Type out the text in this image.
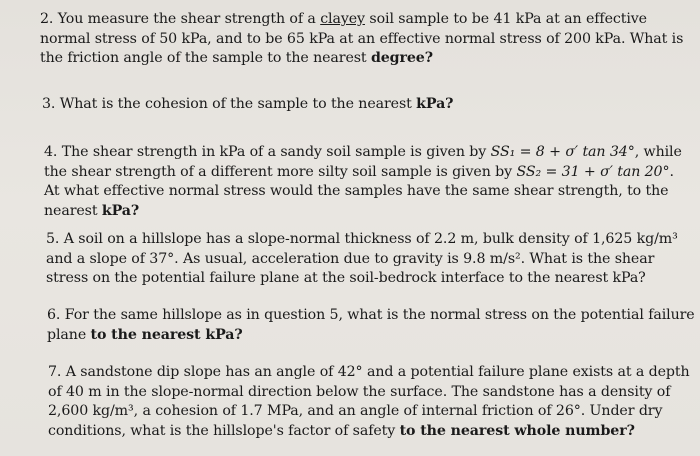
2. You measure the shear strength of a clayey soil sample to be 41 kPa at an effective

normal stress of 50 kPa, and to be 65 kPa at an effective normal stress of 200 kPa. What is

the friction angle of the sample to the nearest degree?

3. What is the cohesion of the sample to the nearest kPa?

4. The shear strength in kPa of a sandy soil sample is given by SS₁ = 8 + σ′ tan 34°, while

the shear strength of a different more silty soil sample is given by SS₂ = 31 + σ′ tan 20°.

At what effective normal stress would the samples have the same shear strength, to the

nearest kPa?

5. A soil on a hillslope has a slope-normal thickness of 2.2 m, bulk density of 1,625 kg/m³

and a slope of 37°. As usual, acceleration due to gravity is 9.8 m/s². What is the shear

stress on the potential failure plane at the soil-bedrock interface to the nearest kPa?

6. For the same hillslope as in question 5, what is the normal stress on the potential failure

plane to the nearest kPa?

7. A sandstone dip slope has an angle of 42° and a potential failure plane exists at a depth

of 40 m in the slope-normal direction below the surface. The sandstone has a density of

2,600 kg/m³, a cohesion of 1.7 MPa, and an angle of internal friction of 26°. Under dry

conditions, what is the hillslope's factor of safety to the nearest whole number?
